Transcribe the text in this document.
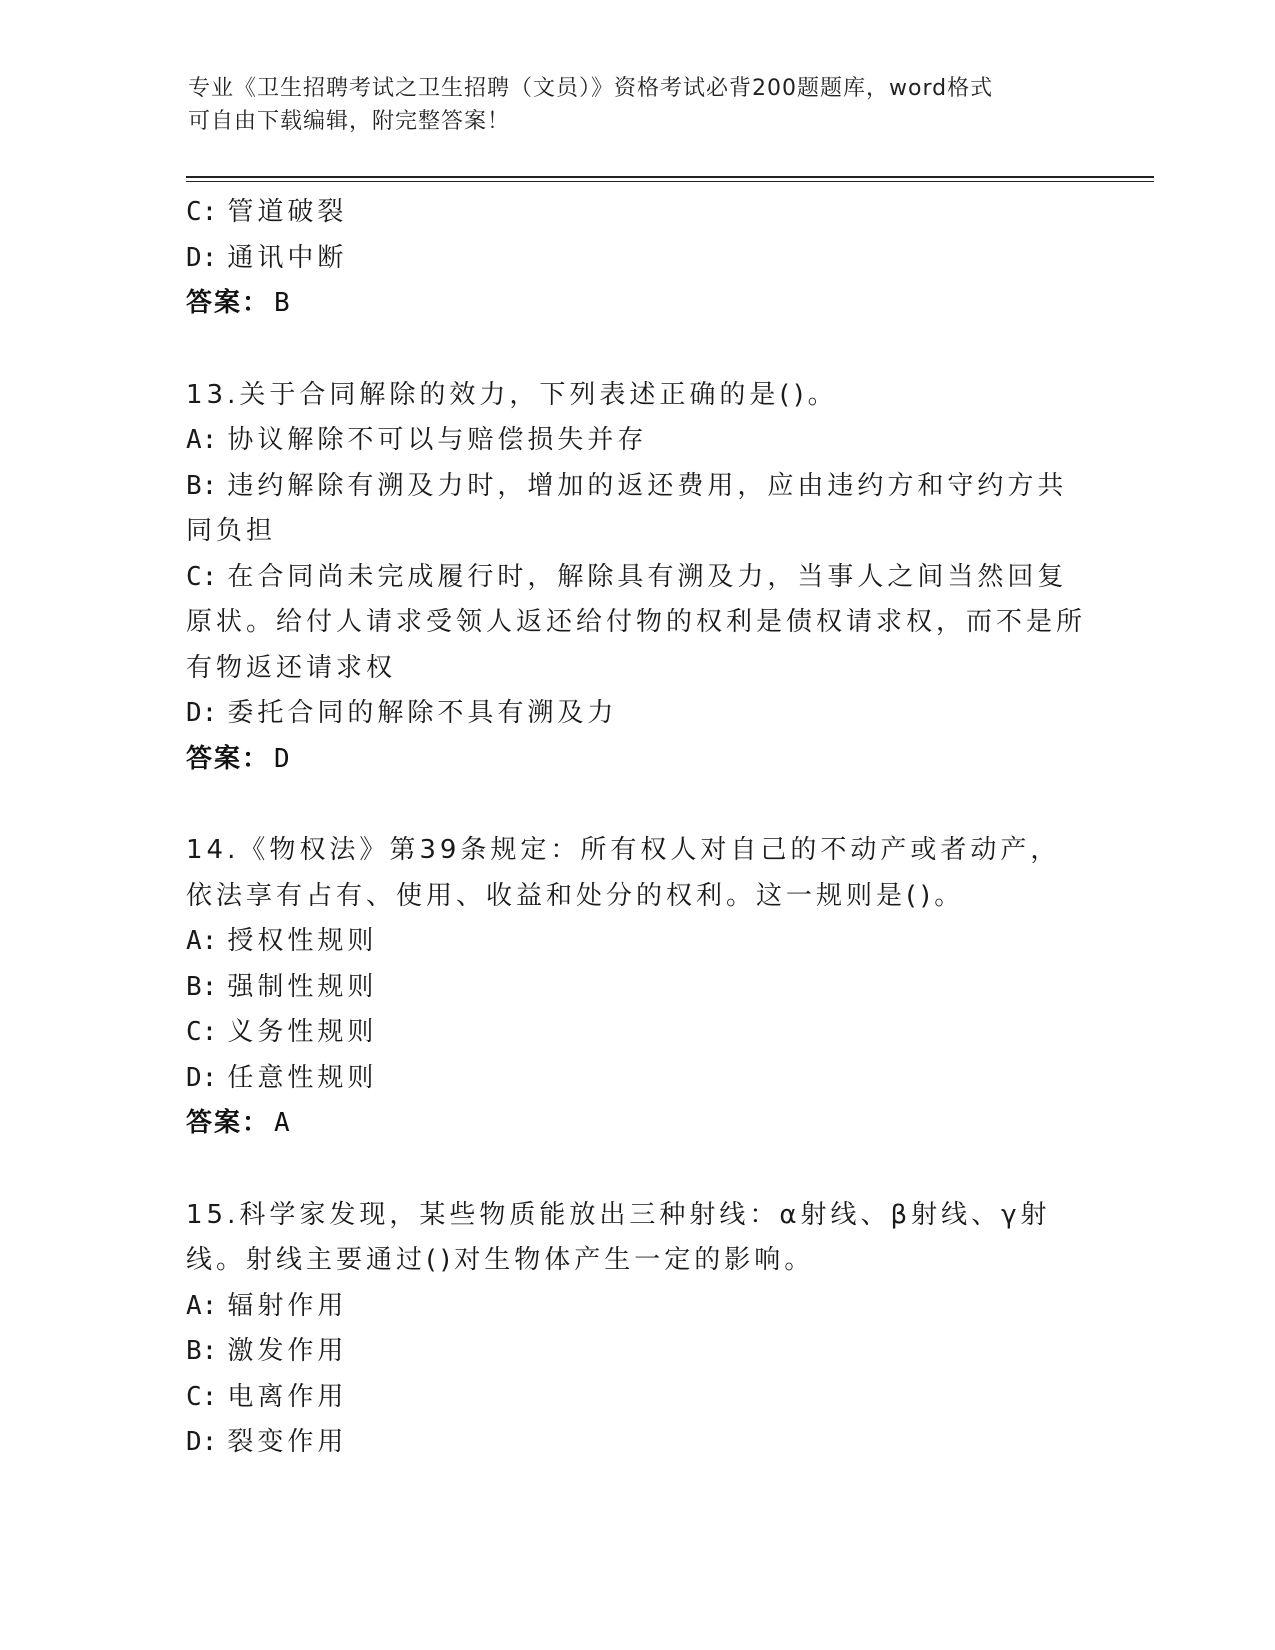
专业《卫生招聘考试之卫生招聘（文员）》资格考试必背200题题库，word格式
可自由下载编辑，附完整答案！

C: 管道破裂

D: 通讯中断

答案： B

13.关于合同解除的效力，下列表述正确的是()。

A: 协议解除不可以与赔偿损失并存

B: 违约解除有溯及力时，增加的返还费用，应由违约方和守约方共同负担

C: 在合同尚未完成履行时，解除具有溯及力，当事人之间当然回复原状。给付人请求受领人返还给付物的权利是债权请求权，而不是所有物返还请求权

D: 委托合同的解除不具有溯及力

答案： D

14.《物权法》第39条规定：所有权人对自己的不动产或者动产，依法享有占有、使用、收益和处分的权利。这一规则是()。

A: 授权性规则

B: 强制性规则

C: 义务性规则

D: 任意性规则

答案： A

15.科学家发现，某些物质能放出三种射线：α射线、β射线、γ射线。射线主要通过()对生物体产生一定的影响。

A: 辐射作用

B: 激发作用

C: 电离作用

D: 裂变作用
